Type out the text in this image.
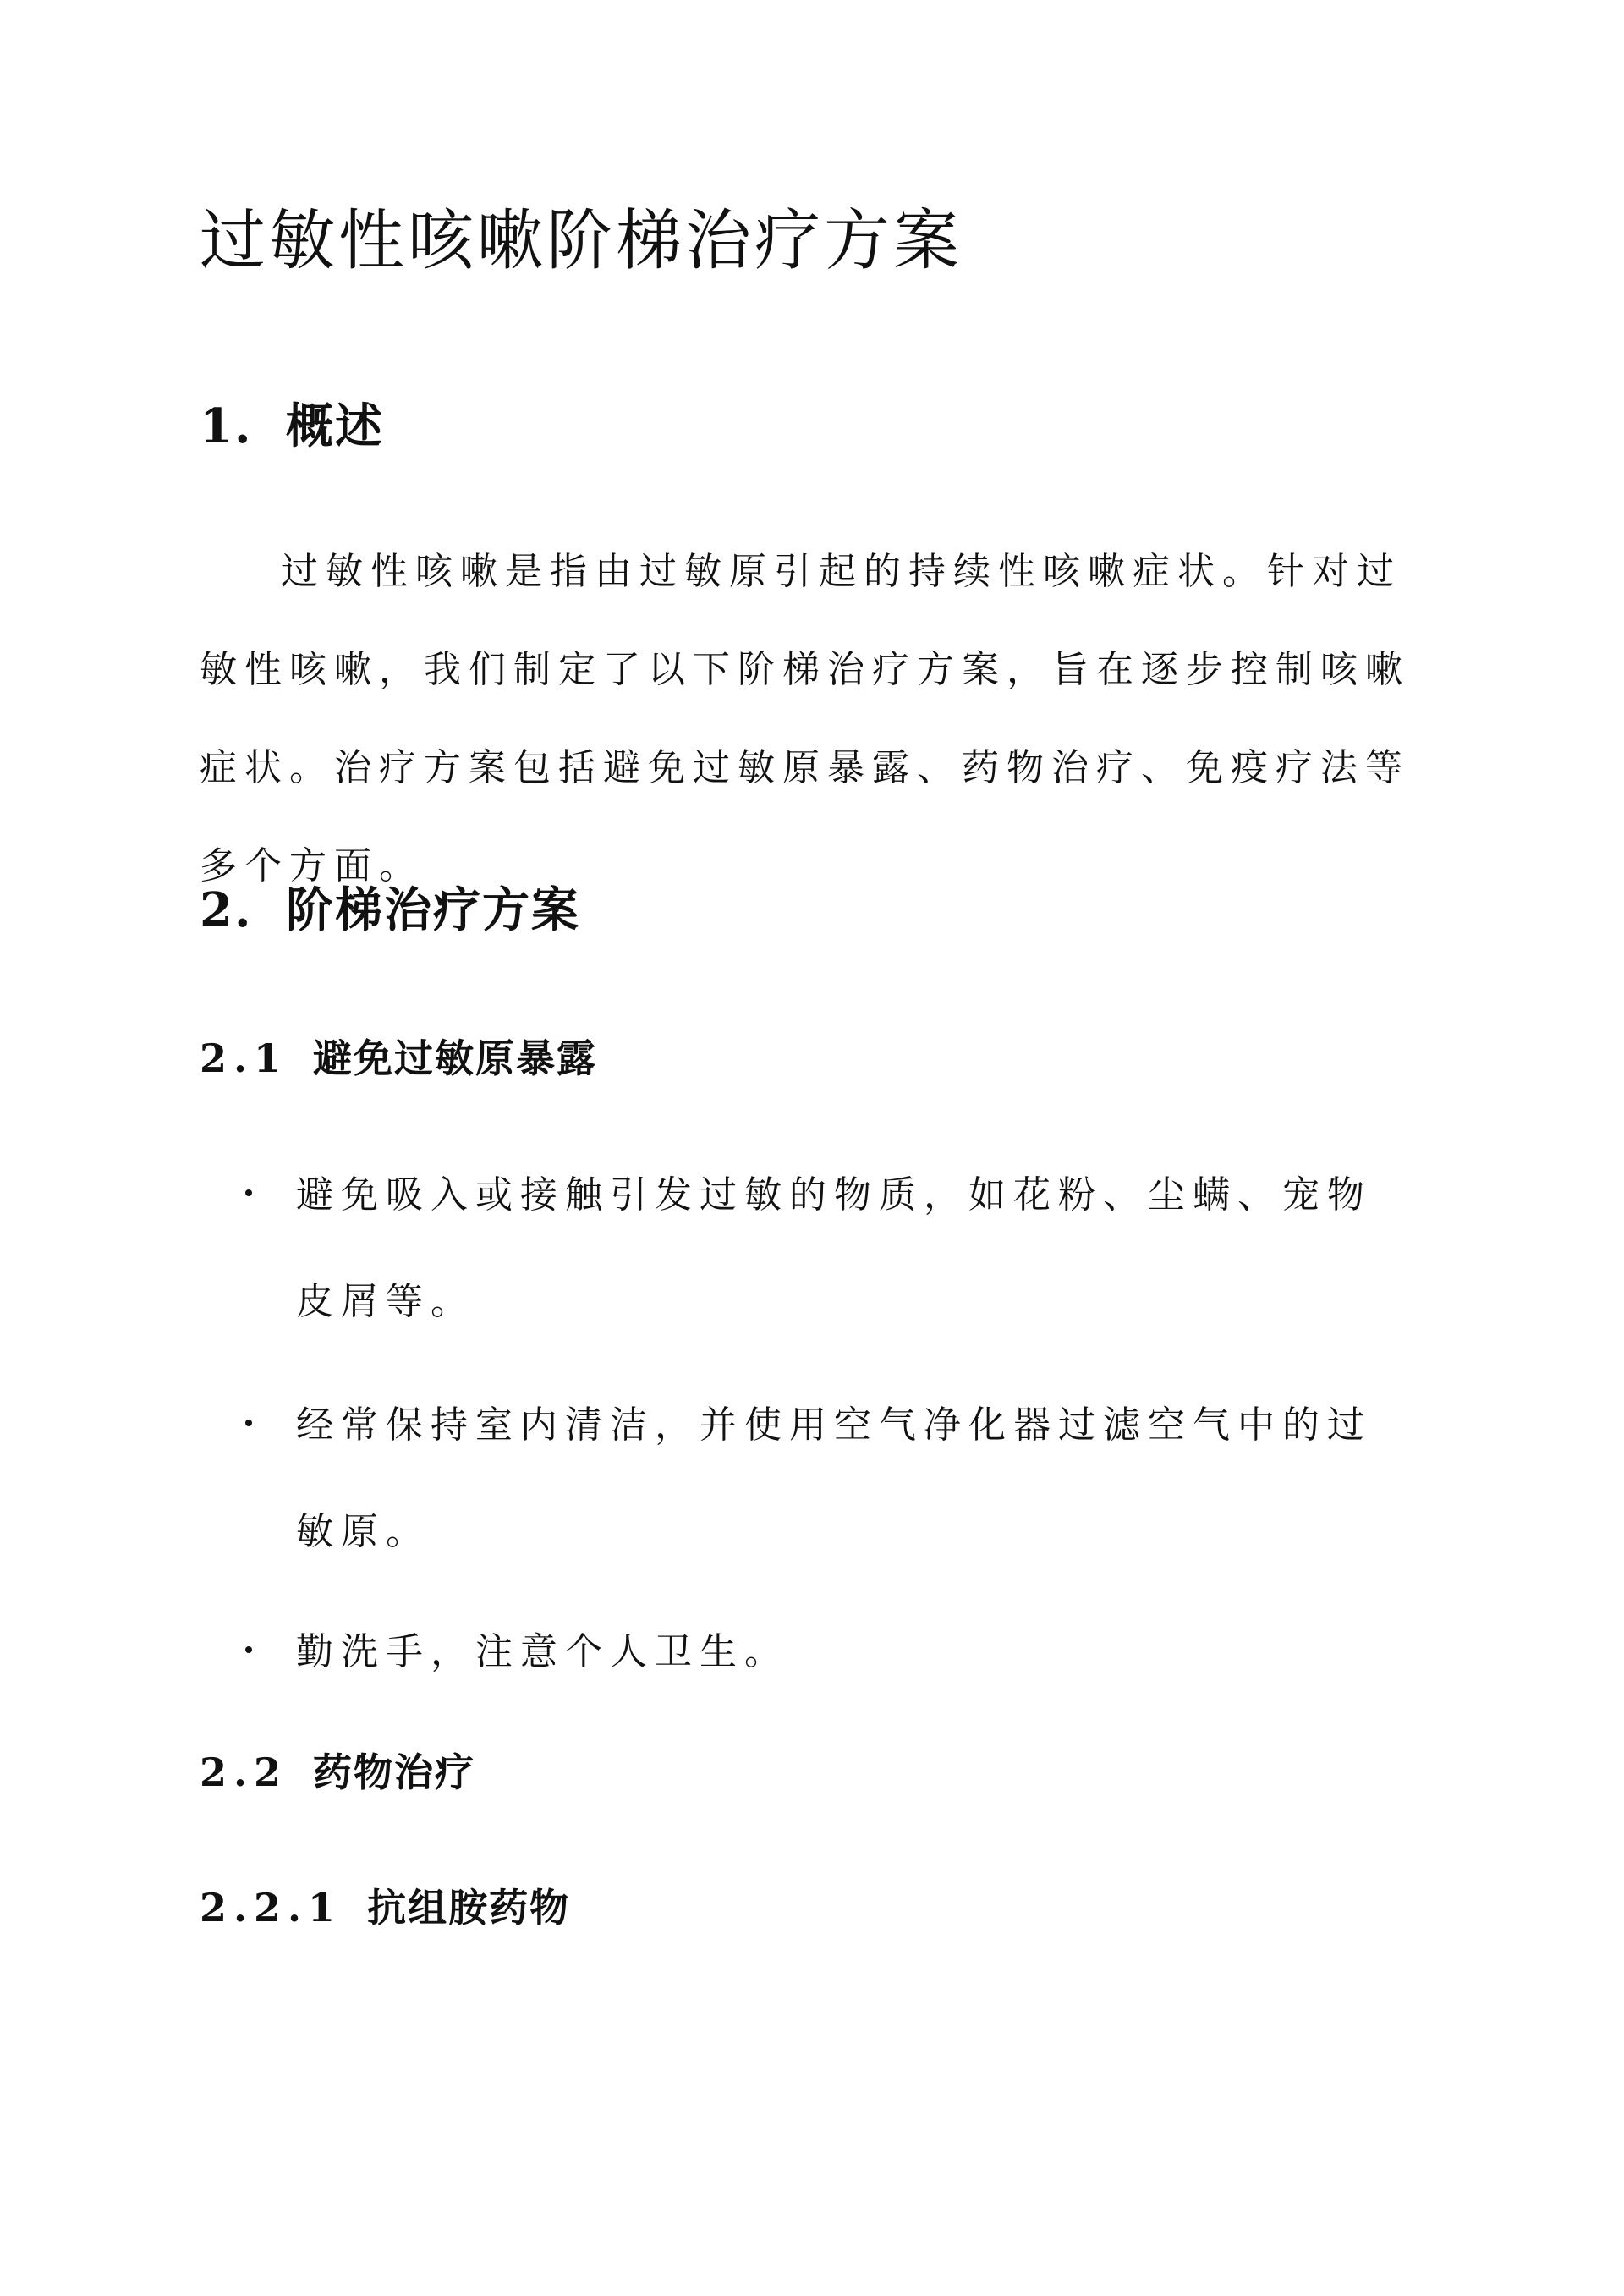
过敏性咳嗽阶梯治疗方案
1. 概述

过敏性咳嗽是指由过敏原引起的持续性咳嗽症状。针对过敏性咳嗽，我们制定了以下阶梯治疗方案，旨在逐步控制咳嗽症状。治疗方案包括避免过敏原暴露、药物治疗、免疫疗法等多个方面。

2. 阶梯治疗方案
2.1 避免过敏原暴露
避免吸入或接触引发过敏的物质，如花粉、尘螨、宠物皮屑等。
经常保持室内清洁，并使用空气净化器过滤空气中的过敏原。
勤洗手，注意个人卫生。
2.2 药物治疗
2.2.1 抗组胺药物
